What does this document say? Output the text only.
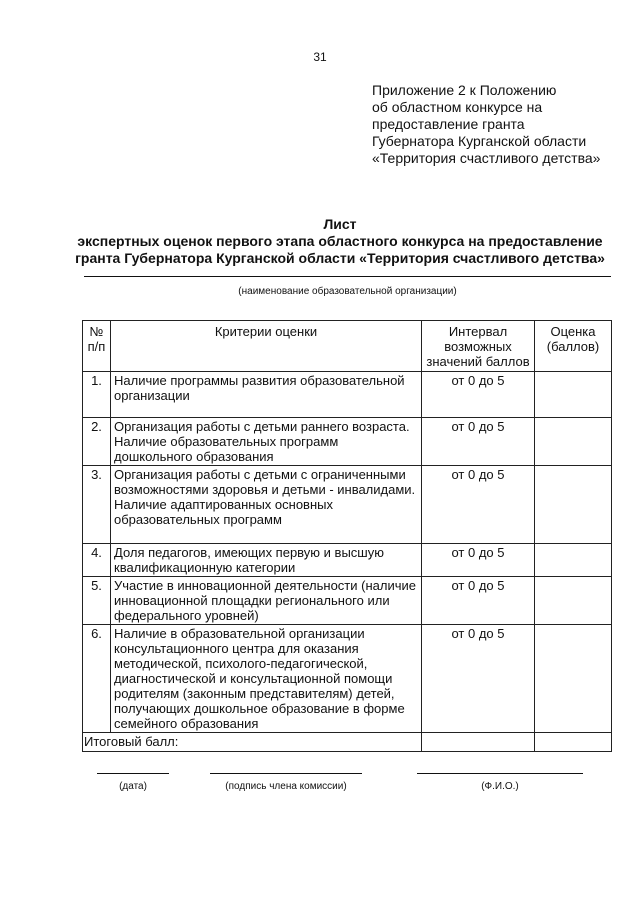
31
Приложение 2 к Положению
об областном конкурсе на
предоставление гранта
Губернатора Курганской области
«Территория счастливого детства»
Лист
экспертных оценок первого этапа областного конкурса на предоставление
гранта Губернатора Курганской области «Территория счастливого детства»
(наименование образовательной организации)
№ п/п	Критерии оценки	Интервал возможных значений баллов	Оценка (баллов)
1.	Наличие программы развития образовательной организации	от 0 до 5	
2.	Организация работы с детьми раннего возраста. Наличие образовательных программ дошкольного образования	от 0 до 5	
3.	Организация работы с детьми с ограниченными возможностями здоровья и детьми - инвалидами. Наличие адаптированных основных образовательных программ	от 0 до 5	
4.	Доля педагогов, имеющих первую и высшую квалификационную категории	от 0 до 5	
5.	Участие в инновационной деятельности (наличие инновационной площадки регионального или федерального уровней)	от 0 до 5	
6.	Наличие в образовательной организации консультационного центра для оказания методической, психолого-педагогической, диагностической и консультационной помощи родителям (законным представителям) детей, получающих дошкольное образование в форме семейного образования	от 0 до 5	
Итоговый балл:			
(дата)	(подпись члена комиссии)	(Ф.И.О.)
